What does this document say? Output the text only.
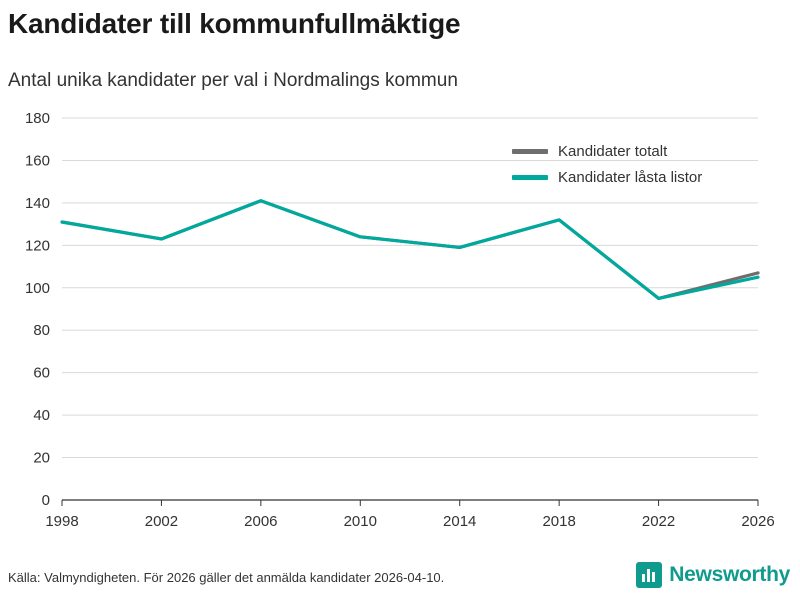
Kandidater till kommunfullmäktige
Antal unika kandidater per val i Nordmalings kommun
0
20
40
60
80
100
120
140
160
180
1998	2002	2006	2010	2014	2018	2022	2026
Kandidater totalt
Kandidater låsta listor
Källa: Valmyndigheten. För 2026 gäller det anmälda kandidater 2026-04-10.	Newsworthy
